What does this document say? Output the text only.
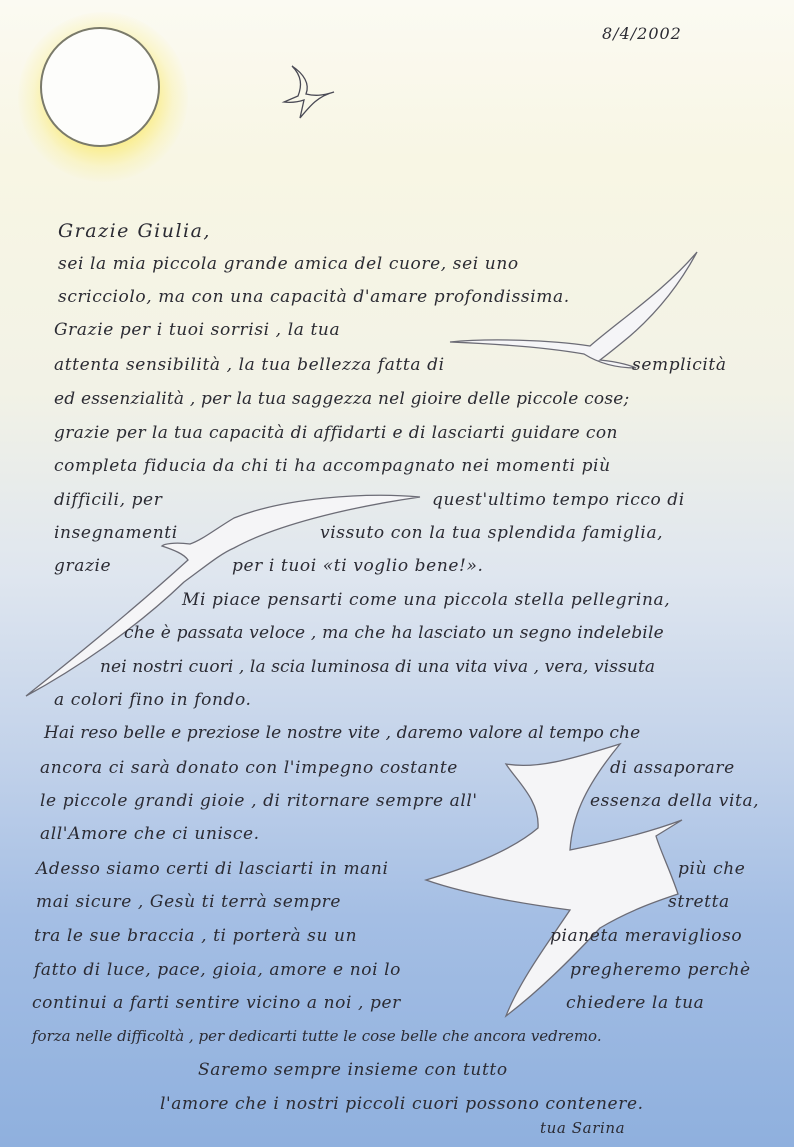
8/4/2002
Grazie Giulia,
sei la mia piccola grande amica del cuore, sei uno
scricciolo, ma con una capacità d'amare profondissima.
Grazie per i tuoi sorrisi , la tua
attenta sensibilità , la tua bellezza fatta di	semplicità
ed essenzialità , per la tua saggezza nel gioire delle piccole cose;
grazie per la tua capacità di affidarti e di lasciarti guidare con
completa fiducia da chi ti ha accompagnato nei momenti più
difficili, per	quest'ultimo tempo ricco di
insegnamenti	vissuto con la tua splendida famiglia,
grazie	per i tuoi «ti voglio bene!».
Mi piace pensarti come una piccola stella pellegrina,
che è passata veloce , ma che ha lasciato un segno indelebile
nei nostri cuori , la scia luminosa di una vita viva , vera, vissuta
a colori fino in fondo.
Hai reso belle e preziose le nostre vite , daremo valore al tempo che
ancora ci sarà donato con l'impegno costante	di assaporare
le piccole grandi gioie , di ritornare sempre all'	essenza della vita,
all'Amore che ci unisce.
Adesso siamo certi di lasciarti in mani	più che
mai sicure , Gesù ti terrà sempre	stretta
tra le sue braccia , ti porterà su un	pianeta meraviglioso
fatto di luce, pace, gioia, amore e noi lo	pregheremo perchè
continui a farti sentire vicino a noi , per	chiedere la tua
forza nelle difficoltà , per dedicarti tutte le cose belle che ancora vedremo.
Saremo sempre insieme con tutto
l'amore che i nostri piccoli cuori possono contenere.
tua Sarina
